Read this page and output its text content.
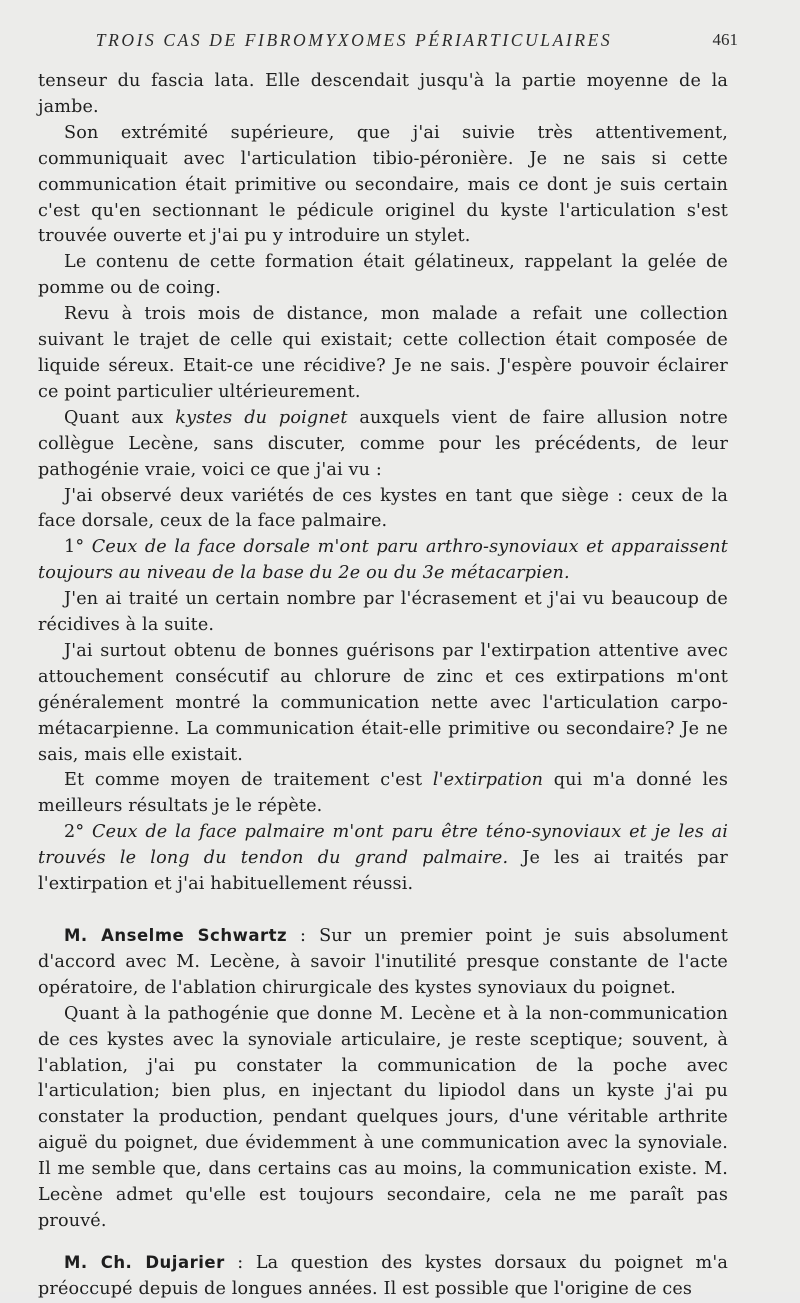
TROIS CAS DE FIBROMYXOMES PÉRIARTICULAIRES	461

tenseur du fascia lata. Elle descendait jusqu'à la partie moyenne de la jambe.

Son extrémité supérieure, que j'ai suivie très attentivement, communiquait avec l'articulation tibio-péronière. Je ne sais si cette communication était primitive ou secondaire, mais ce dont je suis certain c'est qu'en sectionnant le pédicule originel du kyste l'articulation s'est trouvée ouverte et j'ai pu y introduire un stylet.

Le contenu de cette formation était gélatineux, rappelant la gelée de pomme ou de coing.

Revu à trois mois de distance, mon malade a refait une collection suivant le trajet de celle qui existait; cette collection était composée de liquide séreux. Etait-ce une récidive? Je ne sais. J'espère pouvoir éclairer ce point particulier ultérieurement.

Quant aux kystes du poignet auxquels vient de faire allusion notre collègue Lecène, sans discuter, comme pour les précédents, de leur pathogénie vraie, voici ce que j'ai vu :

J'ai observé deux variétés de ces kystes en tant que siège : ceux de la face dorsale, ceux de la face palmaire.

1° Ceux de la face dorsale m'ont paru arthro-synoviaux et apparaissent toujours au niveau de la base du 2e ou du 3e métacarpien.

J'en ai traité un certain nombre par l'écrasement et j'ai vu beaucoup de récidives à la suite.

J'ai surtout obtenu de bonnes guérisons par l'extirpation attentive avec attouchement consécutif au chlorure de zinc et ces extirpations m'ont généralement montré la communication nette avec l'articulation carpo-métacarpienne. La communication était-elle primitive ou secondaire? Je ne sais, mais elle existait.

Et comme moyen de traitement c'est l'extirpation qui m'a donné les meilleurs résultats je le répète.

2° Ceux de la face palmaire m'ont paru être téno-synoviaux et je les ai trouvés le long du tendon du grand palmaire. Je les ai traités par l'extirpation et j'ai habituellement réussi.

M. Anselme Schwartz : Sur un premier point je suis absolument d'accord avec M. Lecène, à savoir l'inutilité presque constante de l'acte opératoire, de l'ablation chirurgicale des kystes synoviaux du poignet.

Quant à la pathogénie que donne M. Lecène et à la non-communication de ces kystes avec la synoviale articulaire, je reste sceptique; souvent, à l'ablation, j'ai pu constater la communication de la poche avec l'articulation; bien plus, en injectant du lipiodol dans un kyste j'ai pu constater la production, pendant quelques jours, d'une véritable arthrite aiguë du poignet, due évidemment à une communication avec la synoviale. Il me semble que, dans certains cas au moins, la communication existe. M. Lecène admet qu'elle est toujours secondaire, cela ne me paraît pas prouvé.

M. Ch. Dujarier : La question des kystes dorsaux du poignet m'a préoccupé depuis de longues années. Il est possible que l'origine de ces
